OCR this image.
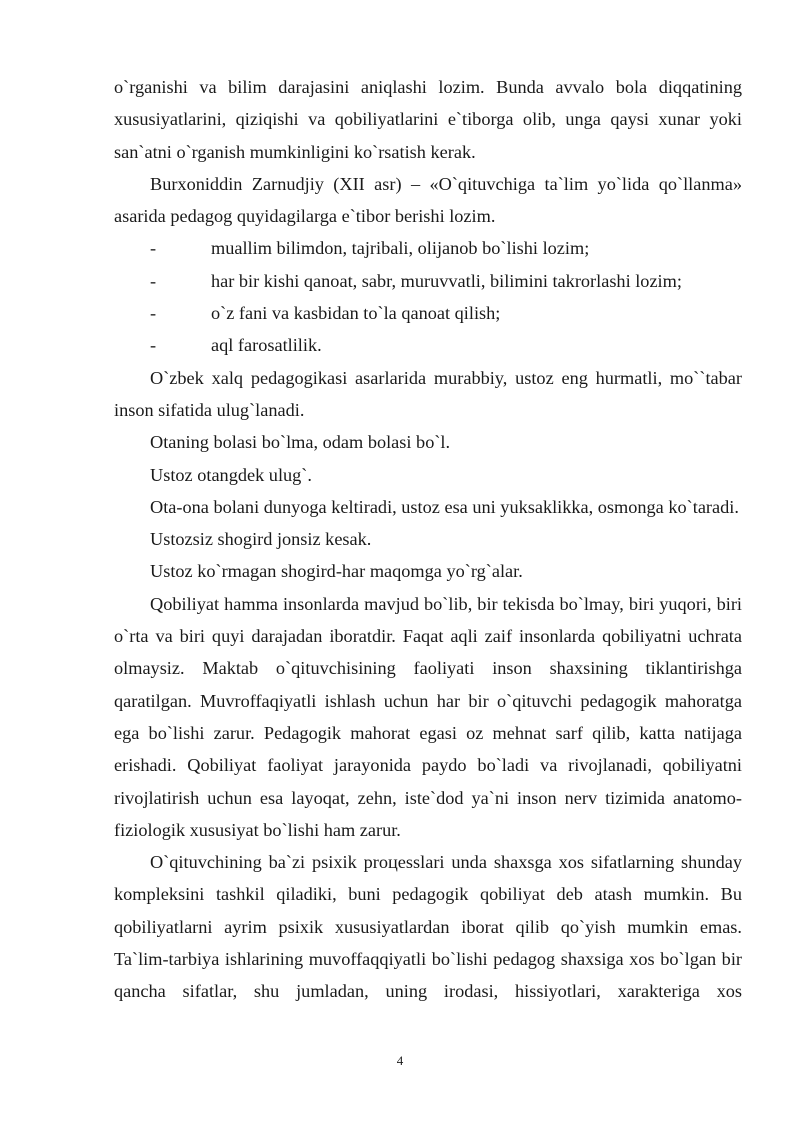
o`rganishi va bilim darajasini aniqlashi lozim. Bunda avvalo bola diqqatining xususiyatlarini, qiziqishi va qobiliyatlarini e`tiborga olib, unga qaysi xunar yoki san`atni o`rganish mumkinligini ko`rsatish kerak.

Burxoniddin Zarnudjiy (XII asr) – «O`qituvchiga ta`lim yo`lida qo`llanma» asarida pedagog quyidagilarga e`tibor berishi lozim.

-	muallim bilimdon, tajribali, olijanob bo`lishi lozim;
-	har bir kishi qanoat, sabr, muruvvatli, bilimini takrorlashi lozim;
-	o`z fani va kasbidan to`la qanoat qilish;
-	aql farosatlilik.

O`zbek xalq pedagogikasi asarlarida murabbiy, ustoz eng hurmatli, mo``tabar inson sifatida ulug`lanadi.

Otaning bolasi bo`lma, odam bolasi bo`l.

Ustoz otangdek ulug`.

Ota-ona bolani dunyoga keltiradi, ustoz esa uni yuksaklikka, osmonga ko`taradi.

Ustozsiz shogird jonsiz kesak.

Ustoz ko`rmagan shogird-har maqomga yo`rg`alar.

Qobiliyat hamma insonlarda mavjud bo`lib, bir tekisda bo`lmay, biri yuqori, biri o`rta va biri quyi darajadan iboratdir. Faqat aqli zaif insonlarda qobiliyatni uchrata olmaysiz. Maktab o`qituvchisining faoliyati inson shaxsining tiklantirishga qaratilgan. Muvroffaqiyatli ishlash uchun har bir o`qituvchi pedagogik mahoratga ega bo`lishi zarur. Pedagogik mahorat egasi oz mehnat sarf qilib, katta natijaga erishadi. Qobiliyat faoliyat jarayonida paydo bo`ladi va rivojlanadi, qobiliyatni rivojlatirish uchun esa layoqat, zehn, iste`dod ya`ni inson nerv tizimida anatomo-fiziologik xususiyat bo`lishi ham zarur.

O`qituvchining ba`zi psixik proцesslari unda shaxsga xos sifatlarning shunday kompleksini tashkil qiladiki, buni pedagogik qobiliyat deb atash mumkin. Bu qobiliyatlarni ayrim psixik xususiyatlardan iborat qilib qo`yish mumkin emas. Ta`lim-tarbiya ishlarining muvoffaqqiyatli bo`lishi pedagog shaxsiga xos bo`lgan bir qancha sifatlar, shu jumladan, uning irodasi, hissiyotlari, xarakteriga xos

4
